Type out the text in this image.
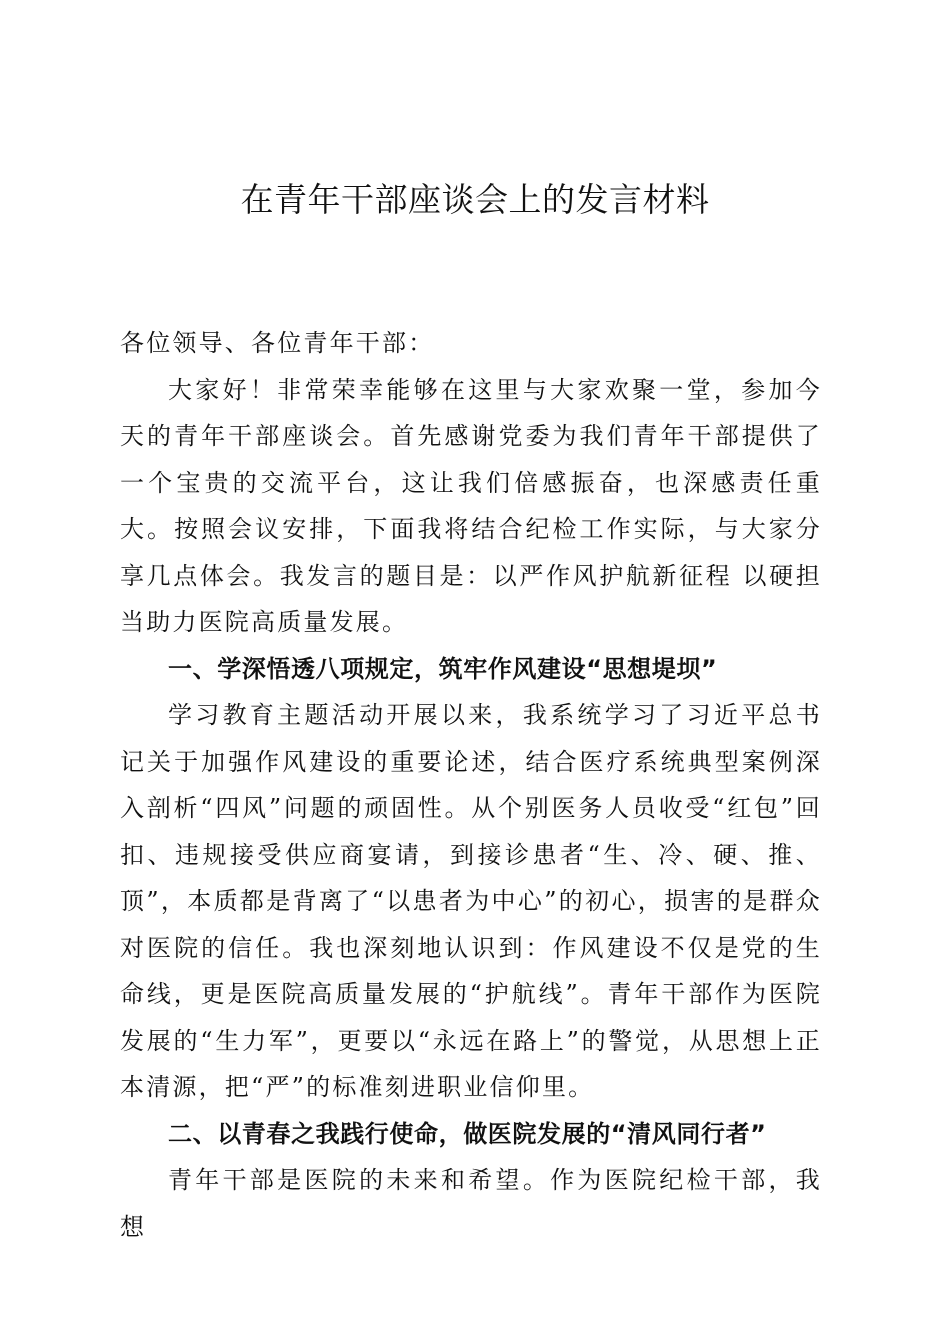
在青年干部座谈会上的发言材料

各位领导、各位青年干部：

大家好！非常荣幸能够在这里与大家欢聚一堂，参加今天的青年干部座谈会。首先感谢党委为我们青年干部提供了一个宝贵的交流平台，这让我们倍感振奋，也深感责任重大。按照会议安排，下面我将结合纪检工作实际，与大家分享几点体会。我发言的题目是：以严作风护航新征程 以硬担当助力医院高质量发展。

一、学深悟透八项规定，筑牢作风建设“思想堤坝”

学习教育主题活动开展以来，我系统学习了习近平总书记关于加强作风建设的重要论述，结合医疗系统典型案例深入剖析“四风”问题的顽固性。从个别医务人员收受“红包”回扣、违规接受供应商宴请，到接诊患者“生、冷、硬、推、顶”，本质都是背离了“以患者为中心”的初心，损害的是群众对医院的信任。我也深刻地认识到：作风建设不仅是党的生命线，更是医院高质量发展的“护航线”。青年干部作为医院发展的“生力军”，更要以“永远在路上”的警觉，从思想上正本清源，把“严”的标准刻进职业信仰里。

二、以青春之我践行使命，做医院发展的“清风同行者”

青年干部是医院的未来和希望。作为医院纪检干部，我想
